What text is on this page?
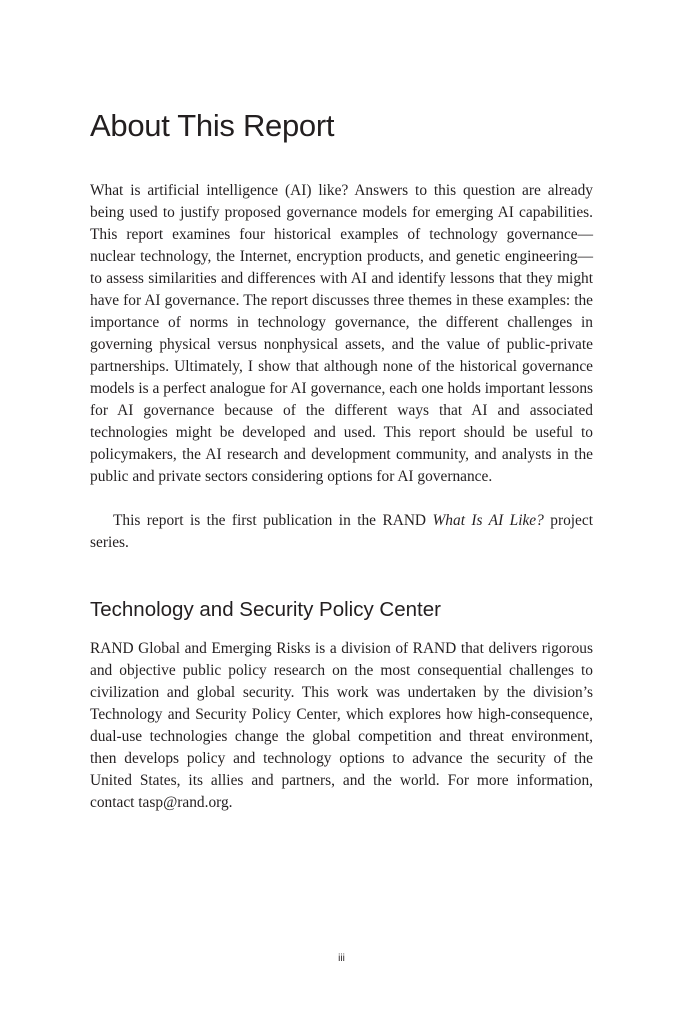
About This Report

What is artificial intelligence (AI) like? Answers to this question are already being used to justify proposed governance models for emerging AI capabilities. This report examines four historical examples of technology governance—nuclear technology, the Internet, encryption products, and genetic engineering—to assess similarities and differences with AI and identify lessons that they might have for AI governance. The report discusses three themes in these examples: the importance of norms in technology governance, the different challenges in governing physical versus nonphysical assets, and the value of public-private partnerships. Ultimately, I show that although none of the historical governance models is a perfect analogue for AI governance, each one holds important lessons for AI governance because of the different ways that AI and associated technologies might be developed and used. This report should be useful to policymakers, the AI research and development community, and analysts in the public and private sectors considering options for AI governance.

This report is the first publication in the RAND What Is AI Like? project series.

Technology and Security Policy Center

RAND Global and Emerging Risks is a division of RAND that delivers rigorous and objective public policy research on the most consequential challenges to civilization and global security. This work was undertaken by the division’s Technology and Security Policy Center, which explores how high-consequence, dual-use technologies change the global competition and threat environment, then develops policy and technology options to advance the security of the United States, its allies and partners, and the world. For more information, contact tasp@rand.org.

iii
